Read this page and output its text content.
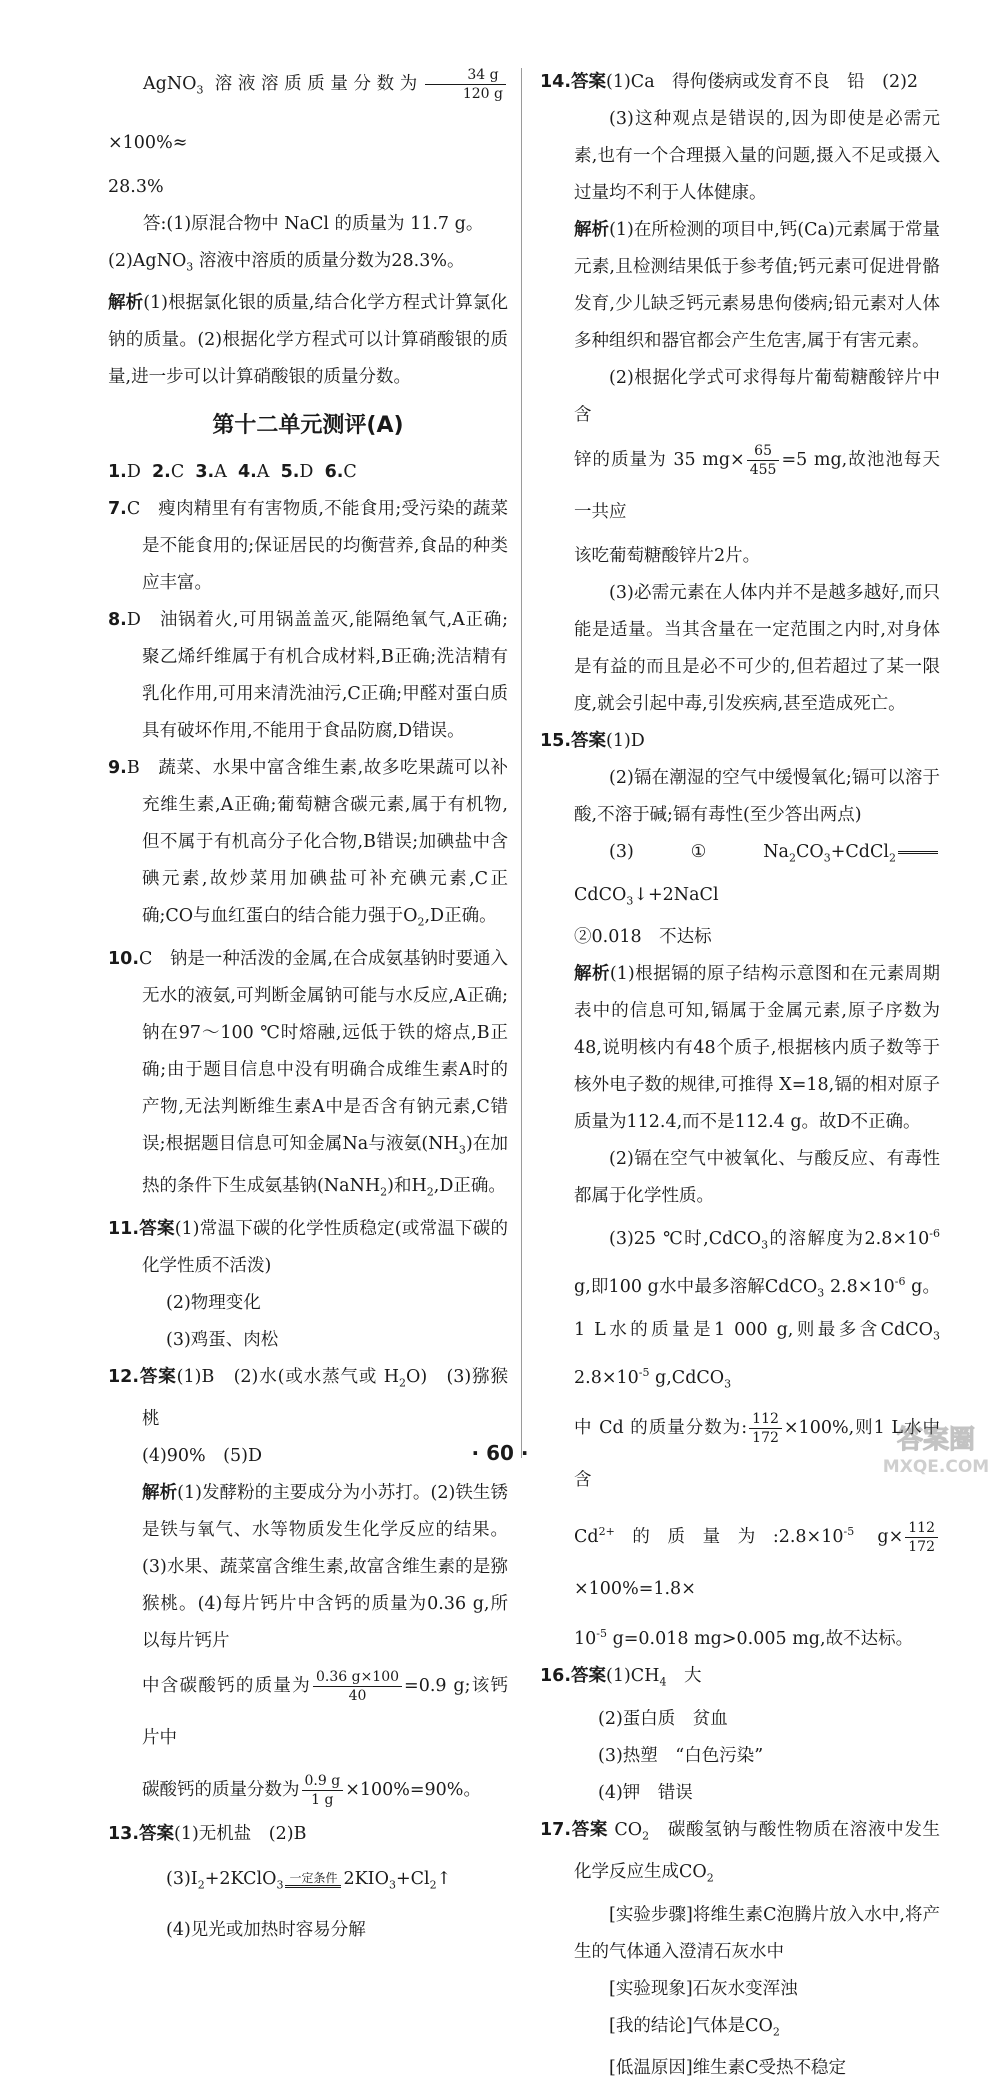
AgNO$_3$ 溶液溶质质量分数为 $\frac{34 g}{120 g}$
×100%≈

28.3%

答:(1)原混合物中 NaCl 的质量为 11.7 g。

(2)AgNO$_3$ 溶液中溶质的质量分数为28.3%。

解析(1)根据氯化银的质量,结合化学方程式计算氯化钠的质量。(2)根据化学方程式可以计算硝酸银的质量,进一步可以计算硝酸银的质量分数。

第十二单元测评(A)

1.D 2.C 3.A 4.A 5.D 6.C

7.C　瘦肉精里有有害物质,不能食用;受污染的蔬菜是不能食用的;保证居民的均衡营养,食品的种类应丰富。

8.D　油锅着火,可用锅盖盖灭,能隔绝氧气,A正确;聚乙烯纤维属于有机合成材料,B正确;洗洁精有乳化作用,可用来清洗油污,C正确;甲醛对蛋白质具有破坏作用,不能用于食品防腐,D错误。

9.B　蔬菜、水果中富含维生素,故多吃果蔬可以补充维生素,A正确;葡萄糖含碳元素,属于有机物,但不属于有机高分子化合物,B错误;加碘盐中含碘元素,故炒菜用加碘盐可补充碘元素,C正确;CO与血红蛋白的结合能力强于$O_2,D$正确。

10.C　钠是一种活泼的金属,在合成氨基钠时要通入无水的液氨,可判断金属钠可能与水反应,A正确;钠在97～100 ℃时熔融,远低于铁的熔点,B正确;由于题目信息中没有明确合成维生素A时的产物,无法判断维生素A中是否含有钠元素,C错误;根据题目信息可知金属Na与液氨$(NH_3)$在加热的条件下生成氨基钠(NaNH$_2$)和$H_2,D$正确。

11.答案(1)常温下碳的化学性质稳定(或常温下碳的化学性质不活泼)

(2)物理变化

(3)鸡蛋、肉松

12.答案(1)B　(2)水(或水蒸气或 $H_2O$)　(3)猕猴桃

(4)90%　(5)D

解析(1)发酵粉的主要成分为小苏打。(2)铁生锈是铁与氧气、水等物质发生化学反应的结果。(3)水果、蔬菜富含维生素,故富含维生素的是猕猴桃。(4)每片钙片中含钙的质量为0.36 g,所以每片钙片

中含碳酸钙的质量为 $\frac{0.36 g\times 100}{40} =0.9$ g;该钙片中

碳酸钙的质量分数为 $\frac{0.9 g}{1 g} \times 100\%=90\%$。

13.答案(1)无机盐　(2)B

$(3)I_2+2KClO_3$ 一定条件 $2KIO_3+Cl_2↑$

(4)见光或加热时容易分解

14.答案(1)Ca　得佝偻病或发育不良　铅　(2)2

(3)这种观点是错误的,因为即使是必需元素,也有一个合理摄入量的问题,摄入不足或摄入过量均不利于人体健康。

解析(1)在所检测的项目中,钙(Ca)元素属于常量元素,且检测结果低于参考值;钙元素可促进骨骼发育,少儿缺乏钙元素易患佝偻病;铅元素对人体多种组织和器官都会产生危害,属于有害元素。

(2)根据化学式可求得每片葡萄糖酸锌片中含

锌的质量为 35 $mg\times \frac{65}{455} =5$ mg,故池池每天一共应

该吃葡萄糖酸锌片2片。

(3)必需元素在人体内并不是越多越好,而只能是适量。当其含量在一定范围之内时,对身体是有益的而且是必不可少的,但若超过了某一限度,就会引起中毒,引发疾病,甚至造成死亡。

15.答案(1)D

(2)镉在潮湿的空气中缓慢氧化;镉可以溶于酸,不溶于碱;镉有毒性(至少答出两点)

$(3)①Na_2CO_3+CdCl_2$
CdCO$_3$↓+2NaCl

②0.018　不达标

解析(1)根据镉的原子结构示意图和在元素周期表中的信息可知,镉属于金属元素,原子序数为48,说明核内有48个质子,根据核内质子数等于核外电子数的规律,可推得 X=18,镉的相对原子质量为112.4,而不是112.4 g。故D不正确。

(2)镉在空气中被氧化、与酸反应、有毒性都属于化学性质。

(3)25 ℃时,CdCO$_3$的溶解度为$2.8\times 10^{-6}$ g,即100 g水中最多溶解CdCO$_3$ $2.8\times 10^{-6}$ g。1 L水的质量是1 000 g,则最多含CdCO$_3$ $2.8\times 10^{-5}$ g,CdCO$_3$

中 Cd 的质量分数为: $\frac{112}{172} \times 100\%$,则1 L水中含

$Cd^{2+}$的质量为$:2.8\times 10^{-5}$ $g\times \frac{112}{172}$
×100%=1.8×

$10^{-5}$ g=0.018 mg>0.005 mg,故不达标。

16.答案$(1)CH_4$　大

(2)蛋白质　贫血

(3)热塑　“白色污染”

(4)钾　错误

17.答案 $CO_2$　碳酸氢钠与酸性物质在溶液中发生化学反应生成$CO_2$

[实验步骤]将维生素C泡腾片放入水中,将产生的气体通入澄清石灰水中

[实验现象]石灰水变浑浊

[我的结论]气体是$CO_2$

[低温原因]维生素C受热不稳定

· 60 ·	答案圈
MXQE.COM
